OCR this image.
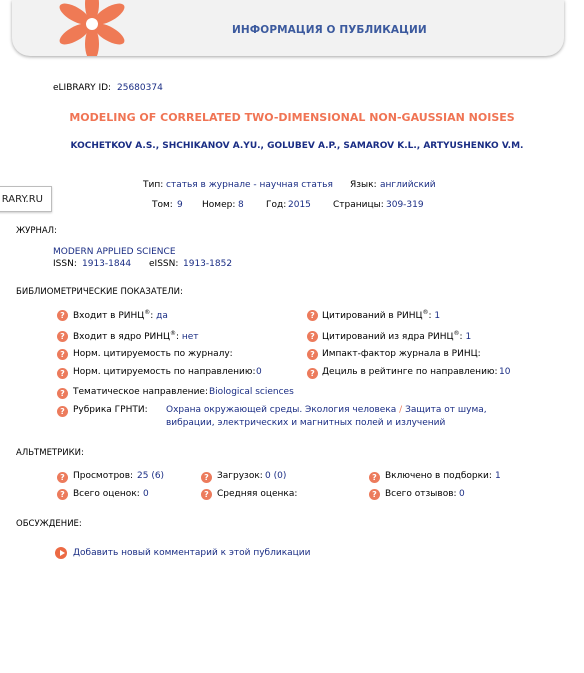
ИНФОРМАЦИЯ О ПУБЛИКАЦИИ
RARY.RU
eLIBRARY ID: 25680374
MODELING OF CORRELATED TWO-DIMENSIONAL NON-GAUSSIAN NOISES
KOCHETKOV A.S., SHCHIKANOV A.YU., GOLUBEV A.P., SAMAROV K.L., ARTYUSHENKO V.M.
Тип: статья в журнале - научная статья Язык: английский
Том: 9 Номер: 8 Год: 2015 Страницы: 309-319
ЖУРНАЛ:
MODERN APPLIED SCIENCE
ISSN: 1913-1844 eISSN: 1913-1852
БИБЛИОМЕТРИЧЕСКИЕ ПОКАЗАТЕЛИ:
? Входит в РИНЦ®: да	? Цитирований в РИНЦ®: 1
? Входит в ядро РИНЦ®: нет	? Цитирований из ядра РИНЦ®: 1
? Норм. цитируемость по журналу:	? Импакт-фактор журнала в РИНЦ:
? Норм. цитируемость по направлению: 0	? Дециль в рейтинге по направлению: 10
? Тематическое направление: Biological sciences
? Рубрика ГРНТИ: Охрана окружающей среды. Экология человека / Защита от шума,
вибрации, электрических и магнитных полей и излучений
АЛЬТМЕТРИКИ:
? Просмотров: 25 (6)	? Загрузок: 0 (0)	? Включено в подборки: 1
? Всего оценок: 0	? Средняя оценка:	? Всего отзывов: 0
ОБСУЖДЕНИЕ:
Добавить новый комментарий к этой публикации
